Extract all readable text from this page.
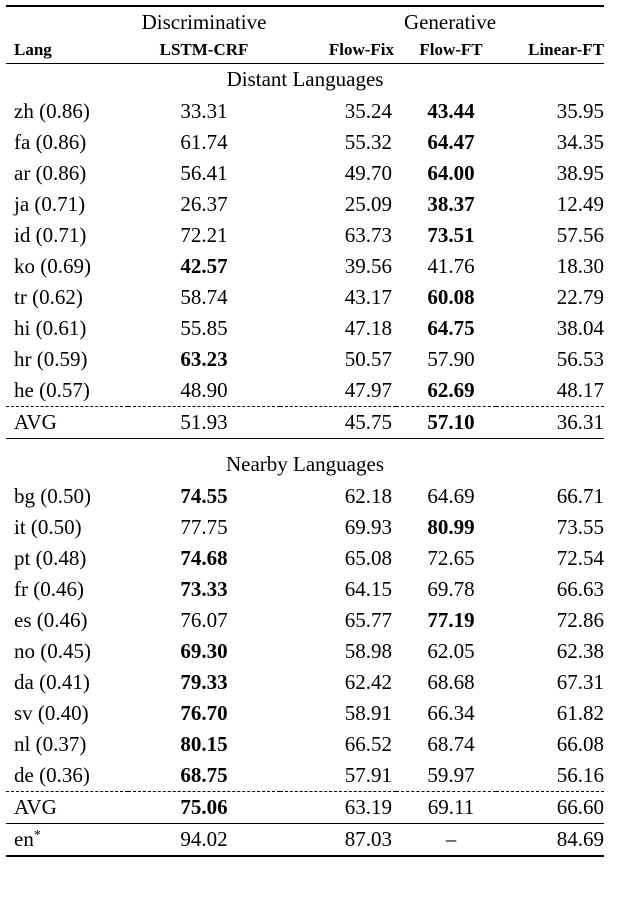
	Discriminative	Generative		
Lang	LSTM-CRF	Flow-Fix	Flow-FT	Linear-FT

Distant Languages				

zh (0.86)	33.31	35.24	43.44	35.95
fa (0.86)	61.74	55.32	64.47	34.35
ar (0.86)	56.41	49.70	64.00	38.95
ja (0.71)	26.37	25.09	38.37	12.49
id (0.71)	72.21	63.73	73.51	57.56
ko (0.69)	42.57	39.56	41.76	18.30
tr (0.62)	58.74	43.17	60.08	22.79
hi (0.61)	55.85	47.18	64.75	38.04
hr (0.59)	63.23	50.57	57.90	56.53
he (0.57)	48.90	47.97	62.69	48.17

AVG	51.93	45.75	57.10	36.31

Nearby Languages				

bg (0.50)	74.55	62.18	64.69	66.71
it (0.50)	77.75	69.93	80.99	73.55
pt (0.48)	74.68	65.08	72.65	72.54
fr (0.46)	73.33	64.15	69.78	66.63
es (0.46)	76.07	65.77	77.19	72.86
no (0.45)	69.30	58.98	62.05	62.38
da (0.41)	79.33	62.42	68.68	67.31
sv (0.40)	76.70	58.91	66.34	61.82
nl (0.37)	80.15	66.52	68.74	66.08
de (0.36)	68.75	57.91	59.97	56.16

AVG	75.06	63.19	69.11	66.60

en*	94.02	87.03	–	84.69
